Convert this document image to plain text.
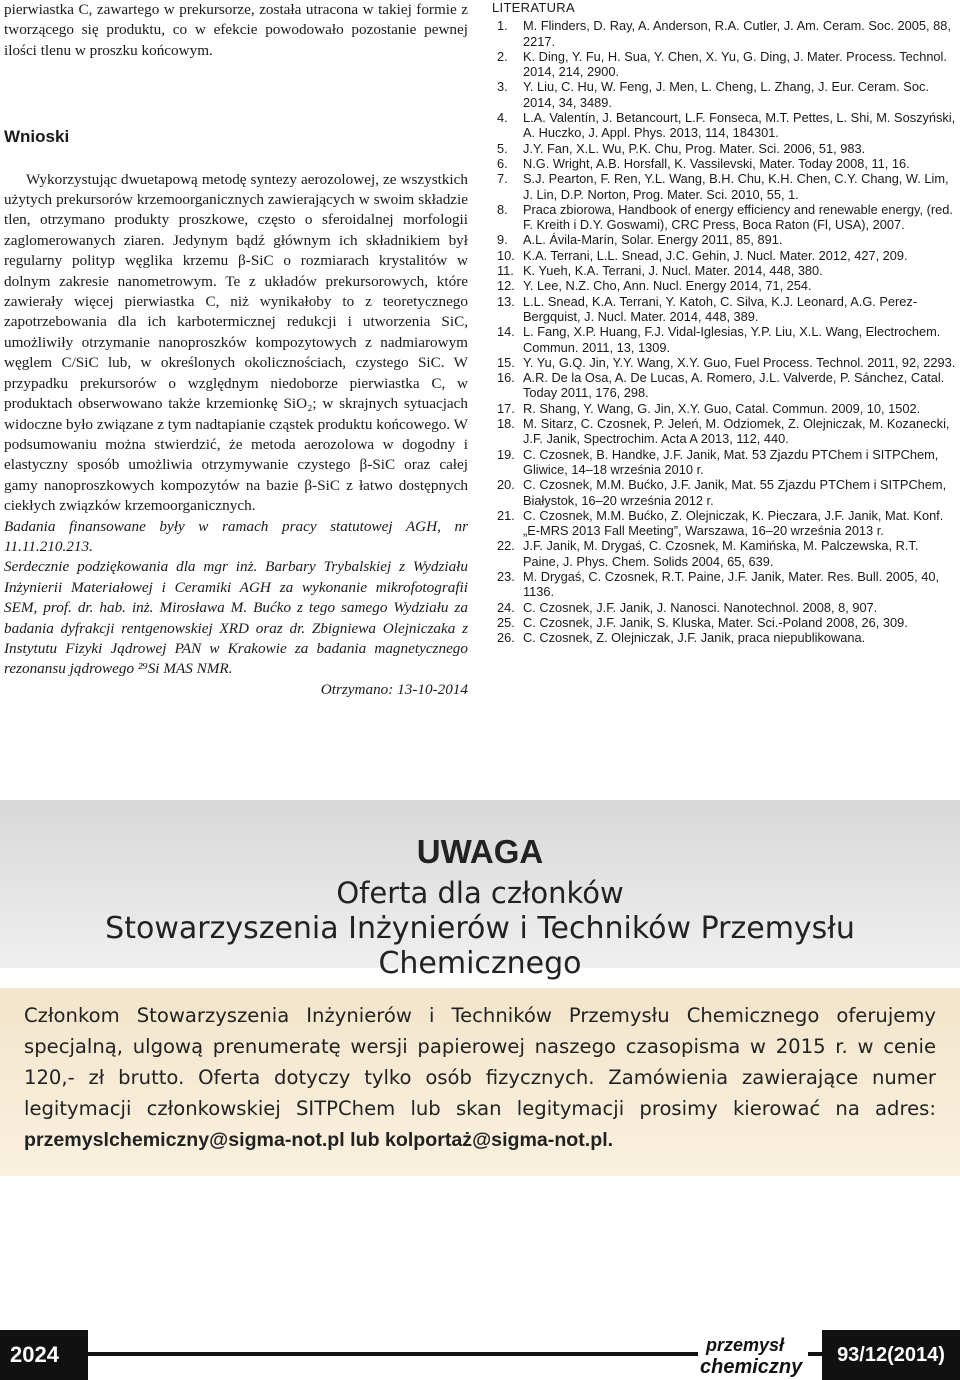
pierwiastka C, zawartego w prekursorze, została utracona w takiej formie z tworzącego się produktu, co w efekcie powodowało pozostanie pewnej ilości tlenu w proszku końcowym.

Wnioski

Wykorzystując dwuetapową metodę syntezy aerozolowej, ze wszystkich użytych prekursorów krzemoorganicznych zawierających w swoim składzie tlen, otrzymano produkty proszkowe, często o sferoidalnej morfologii zaglomerowanych ziaren. Jedynym bądź głównym ich składnikiem był regularny polityp węglika krzemu β-SiC o rozmiarach krystalitów w dolnym zakresie nanometrowym. Te z układów prekursorowych, które zawierały więcej pierwiastka C, niż wynikałoby to z teoretycznego zapotrzebowania dla ich karbotermicznej redukcji i utworzenia SiC, umożliwiły otrzymanie nanoproszków kompozytowych z nadmiarowym węglem C/SiC lub, w określonych okolicznościach, czystego SiC. W przypadku prekursorów o względnym niedoborze pierwiastka C, w produktach obserwowano także krzemionkę SiO₂; w skrajnych sytuacjach widoczne było związane z tym nadtapianie cząstek produktu końcowego. W podsumowaniu można stwierdzić, że metoda aerozolowa w dogodny i elastyczny sposób umożliwia otrzymywanie czystego β-SiC oraz całej gamy nanoproszkowych kompozytów na bazie β-SiC z łatwo dostępnych ciekłych związków krzemoorganicznych.

Badania finansowane były w ramach pracy statutowej AGH, nr 11.11.210.213.

Serdecznie podziękowania dla mgr inż. Barbary Trybalskiej z Wydziału Inżynierii Materiałowej i Ceramiki AGH za wykonanie mikrofotografii SEM, prof. dr. hab. inż. Mirosława M. Bućko z tego samego Wydziału za badania dyfrakcji rentgenowskiej XRD oraz dr. Zbigniewa Olejniczaka z Instytutu Fizyki Jądrowej PAN w Krakowie za badania magnetycznego rezonansu jądrowego ²⁹Si MAS NMR.

Otrzymano: 13-10-2014

LITERATURA
1.	M. Flinders, D. Ray, A. Anderson, R.A. Cutler, J. Am. Ceram. Soc. 2005, 88, 2217.
2.	K. Ding, Y. Fu, H. Sua, Y. Chen, X. Yu, G. Ding, J. Mater. Process. Technol. 2014, 214, 2900.
3.	Y. Liu, C. Hu, W. Feng, J. Men, L. Cheng, L. Zhang, J. Eur. Ceram. Soc. 2014, 34, 3489.
4.	L.A. Valentín, J. Betancourt, L.F. Fonseca, M.T. Pettes, L. Shi, M. Soszyński, A. Huczko, J. Appl. Phys. 2013, 114, 184301.
5.	J.Y. Fan, X.L. Wu, P.K. Chu, Prog. Mater. Sci. 2006, 51, 983.
6.	N.G. Wright, A.B. Horsfall, K. Vassilevski, Mater. Today 2008, 11, 16.
7.	S.J. Pearton, F. Ren, Y.L. Wang, B.H. Chu, K.H. Chen, C.Y. Chang, W. Lim, J. Lin, D.P. Norton, Prog. Mater. Sci. 2010, 55, 1.
8.	Praca zbiorowa, Handbook of energy efficiency and renewable energy, (red. F. Kreith i D.Y. Goswami), CRC Press, Boca Raton (Fl, USA), 2007.
9.	A.L. Ávila-Marín, Solar. Energy 2011, 85, 891.
10. K.A. Terrani, L.L. Snead, J.C. Gehin, J. Nucl. Mater. 2012, 427, 209.
11. K. Yueh, K.A. Terrani, J. Nucl. Mater. 2014, 448, 380.
12. Y. Lee, N.Z. Cho, Ann. Nucl. Energy 2014, 71, 254.
13. L.L. Snead, K.A. Terrani, Y. Katoh, C. Silva, K.J. Leonard, A.G. Perez-Bergquist, J. Nucl. Mater. 2014, 448, 389.
14. L. Fang, X.P. Huang, F.J. Vidal-Iglesias, Y.P. Liu, X.L. Wang, Electrochem. Commun. 2011, 13, 1309.
15. Y. Yu, G.Q. Jin, Y.Y. Wang, X.Y. Guo, Fuel Process. Technol. 2011, 92, 2293.
16. A.R. De la Osa, A. De Lucas, A. Romero, J.L. Valverde, P. Sánchez, Catal. Today 2011, 176, 298.
17. R. Shang, Y. Wang, G. Jin, X.Y. Guo, Catal. Commun. 2009, 10, 1502.
18. M. Sitarz, C. Czosnek, P. Jeleń, M. Odziomek, Z. Olejniczak, M. Kozanecki, J.F. Janik, Spectrochim. Acta A 2013, 112, 440.
19. C. Czosnek, B. Handke, J.F. Janik, Mat. 53 Zjazdu PTChem i SITPChem, Gliwice, 14–18 września 2010 r.
20. C. Czosnek, M.M. Bućko, J.F. Janik, Mat. 55 Zjazdu PTChem i SITPChem, Białystok, 16–20 września 2012 r.
21. C. Czosnek, M.M. Bućko, Z. Olejniczak, K. Pieczara, J.F. Janik, Mat. Konf. „E-MRS 2013 Fall Meeting”, Warszawa, 16–20 września 2013 r.
22. J.F. Janik, M. Drygaś, C. Czosnek, M. Kamińska, M. Palczewska, R.T. Paine, J. Phys. Chem. Solids 2004, 65, 639.
23. M. Drygaś, C. Czosnek, R.T. Paine, J.F. Janik, Mater. Res. Bull. 2005, 40, 1136.
24. C. Czosnek, J.F. Janik, J. Nanosci. Nanotechnol. 2008, 8, 907.
25. C. Czosnek, J.F. Janik, S. Kluska, Mater. Sci.-Poland 2008, 26, 309.
26. C. Czosnek, Z. Olejniczak, J.F. Janik, praca niepublikowana.
UWAGA
Oferta dla członków
Stowarzyszenia Inżynierów i Techników Przemysłu Chemicznego
Członkom Stowarzyszenia Inżynierów i Techników Przemysłu Chemicznego oferujemy specjalną, ulgową prenumeratę wersji papierowej naszego czasopisma w 2015 r. w cenie 120,- zł brutto. Oferta dotyczy tylko osób fizycznych. Zamówienia zawierające numer legitymacji członkowskiej SITPChem lub skan legitymacji prosimy kierować na adres: przemyslchemiczny@sigma-not.pl lub kolportaż@sigma-not.pl.
2024	przemysł
chemiczny
93/12(2014)
